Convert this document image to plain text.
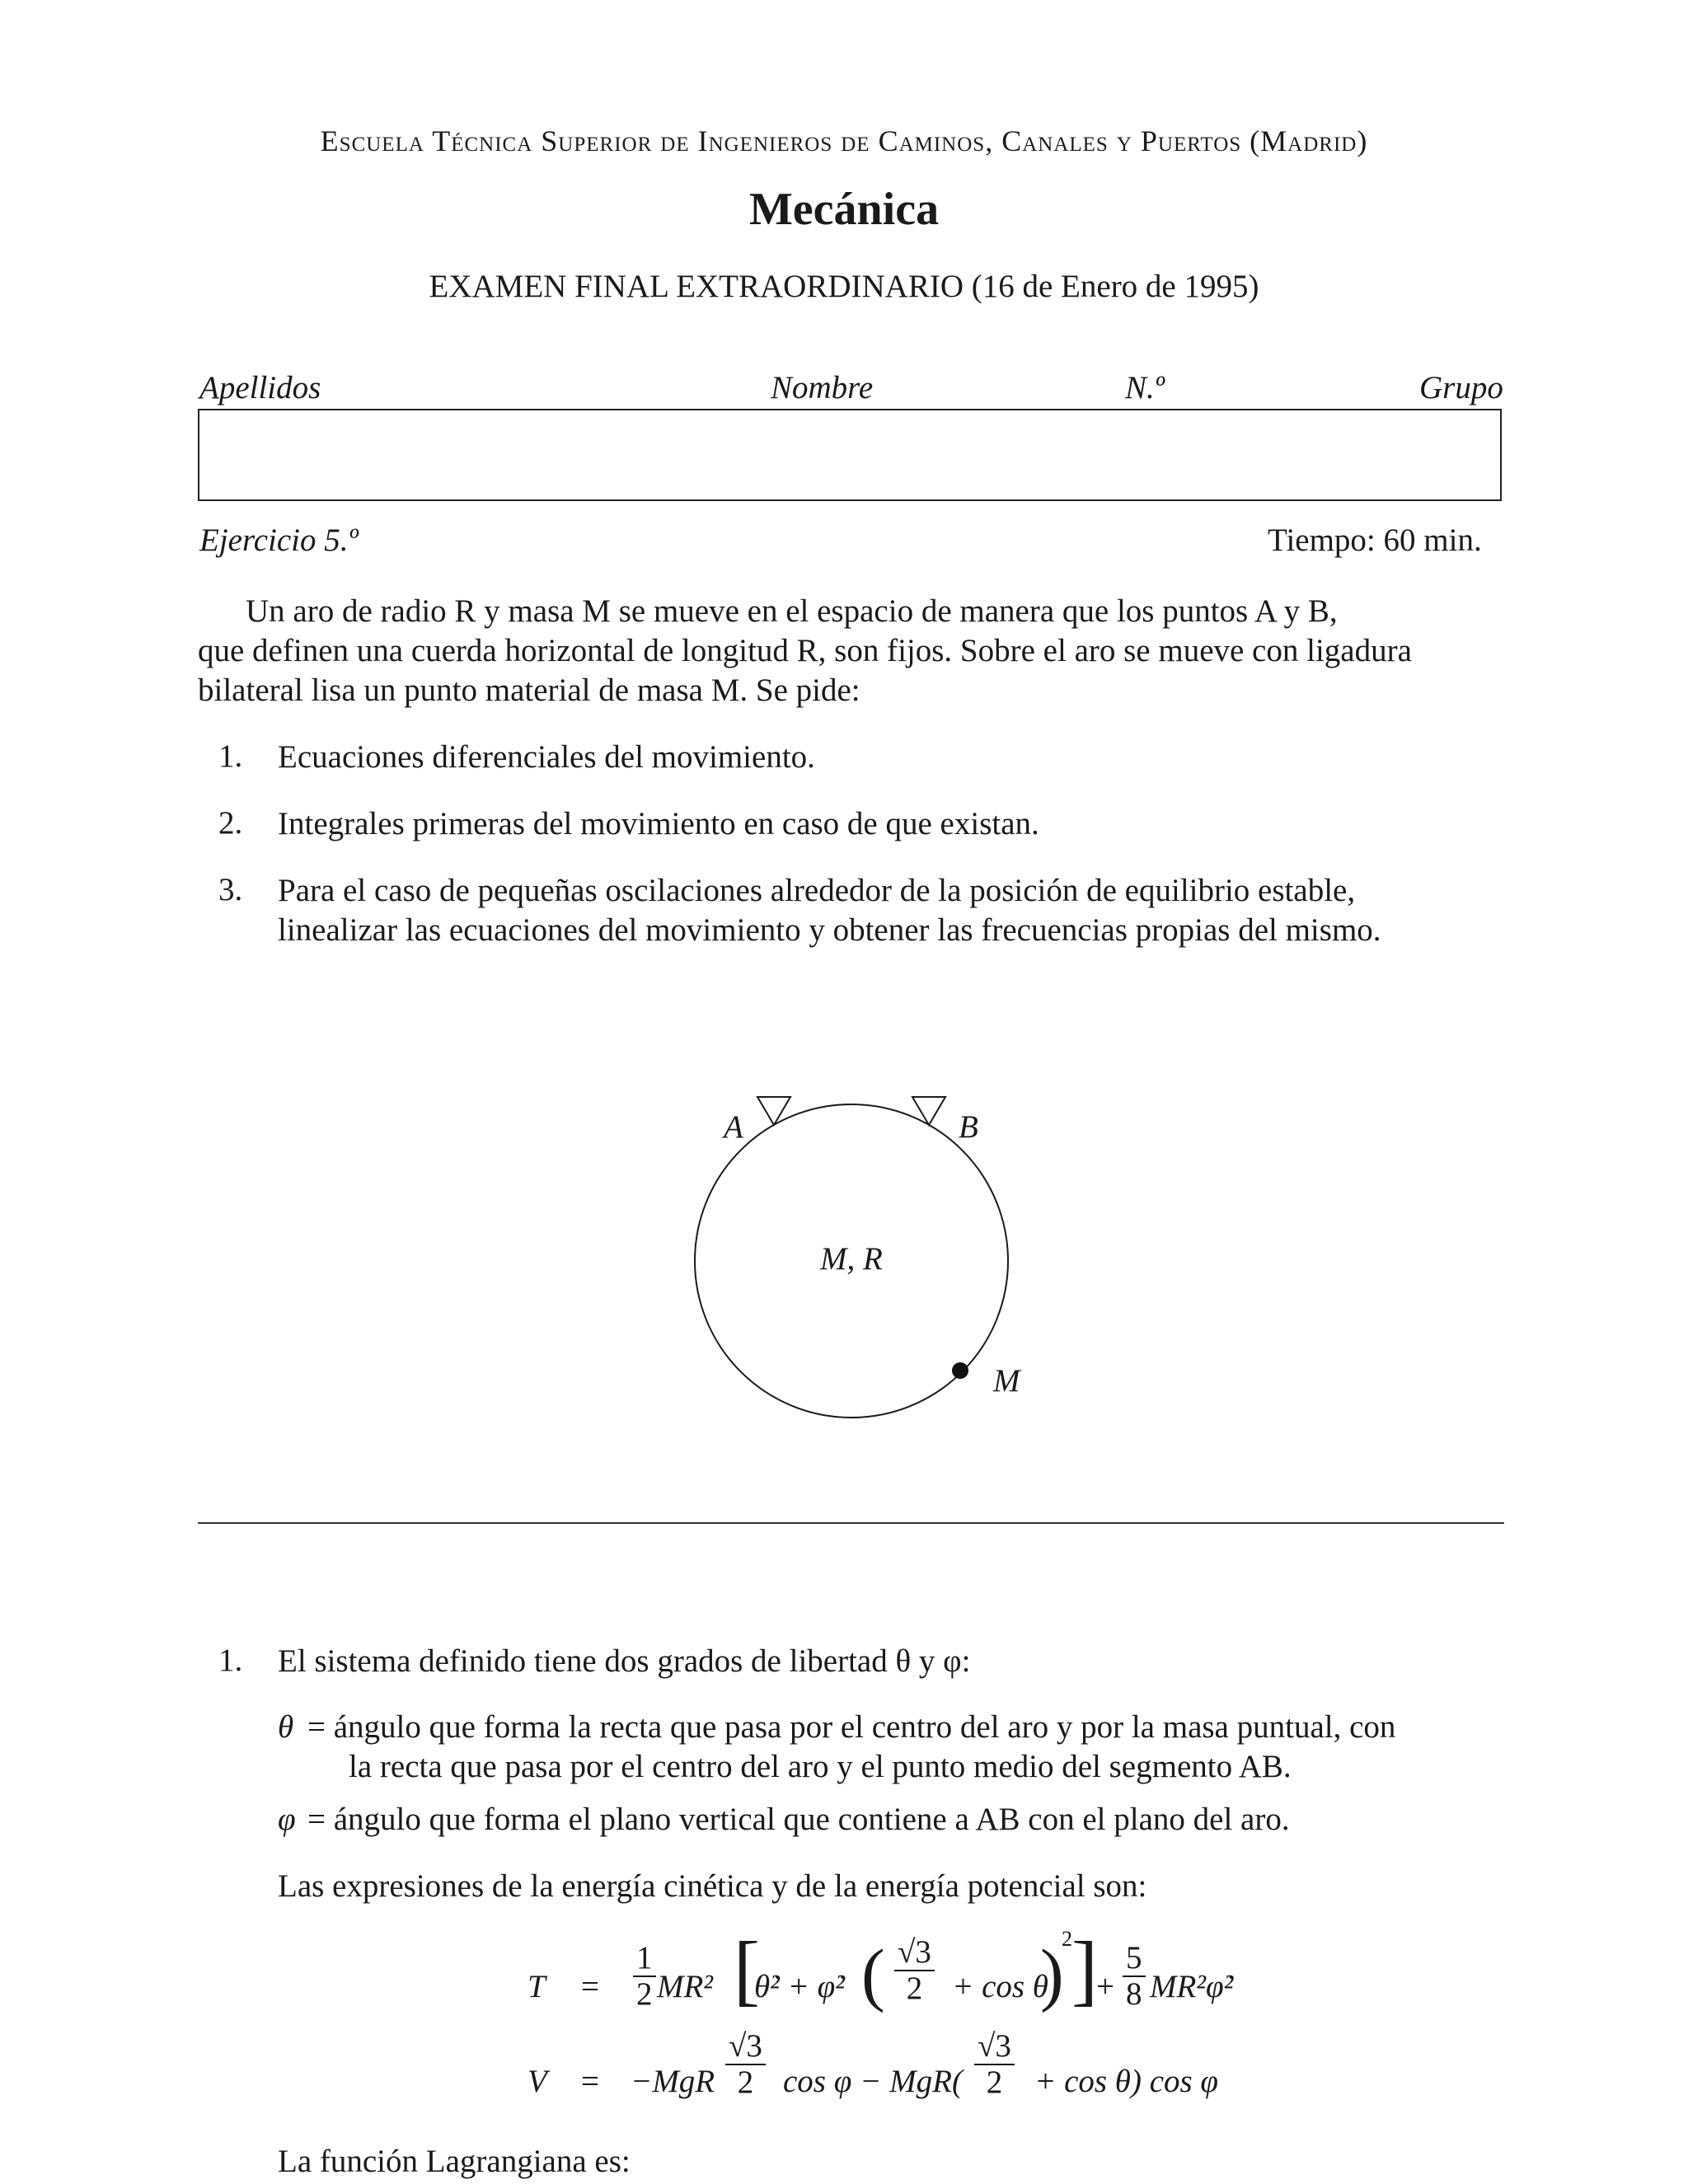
Escuela Técnica Superior de Ingenieros de Caminos, Canales y Puertos (Madrid)
Mecánica
EXAMEN FINAL EXTRAORDINARIO (16 de Enero de 1995)
Apellidos	Nombre	N.º	Grupo
Ejercicio 5.º	Tiempo: 60 min.
Un aro de radio R y masa M se mueve en el espacio de manera que los puntos A y B,
que definen una cuerda horizontal de longitud R, son fijos. Sobre el aro se mueve con ligadura
bilateral lisa un punto material de masa M. Se pide:
1. Ecuaciones diferenciales del movimiento.
2. Integrales primeras del movimiento en caso de que existan.
3. Para el caso de pequeñas oscilaciones alrededor de la posición de equilibrio estable,
linealizar las ecuaciones del movimiento y obtener las frecuencias propias del mismo.
A	B
M, R
M
1. El sistema definido tiene dos grados de libertad θ y φ:
θ = ángulo que forma la recta que pasa por el centro del aro y por la masa puntual, con
la recta que pasa por el centro del aro y el punto medio del segmento AB.
φ = ángulo que forma el plano vertical que contiene a AB con el plano del aro.
Las expresiones de la energía cinética y de la energía potencial son:
$T = \frac{1}{2} MR^2$ [
θ̇² + φ̇² ( $\frac{√3}{2} + \cos \theta$
)
2 ]
+ $\frac{5}{8}$ MR²φ̇²
$V = -MgR \frac{√3}{2}$ $\cos \varphi - MgR( \frac{√3}{2} + \cos \theta)$ cos φ
La función Lagrangiana es:
